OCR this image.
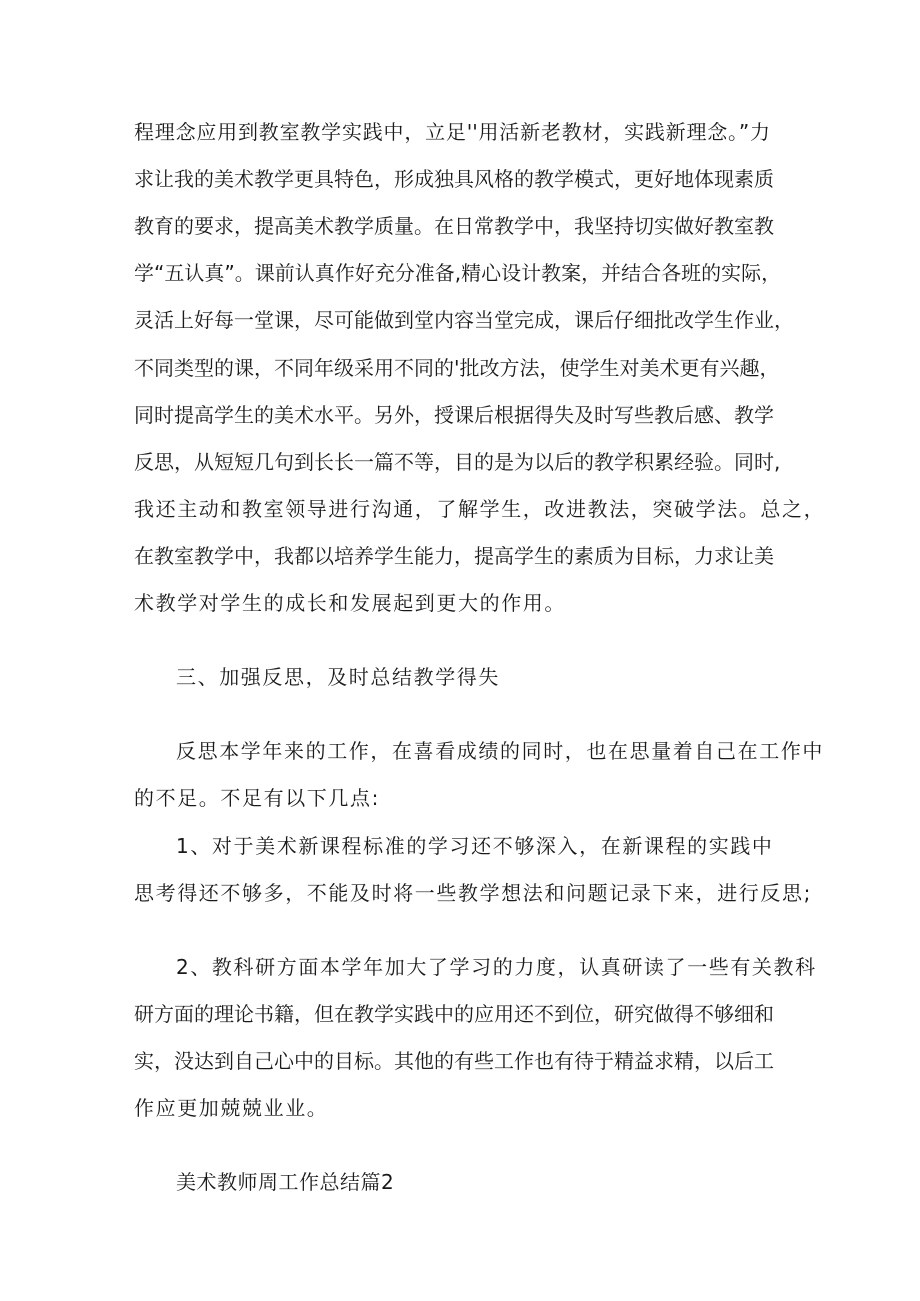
程理念应用到教室教学实践中，立足''用活新老教材，实践新理念。”力
求让我的美术教学更具特色，形成独具风格的教学模式，更好地体现素质
教育的要求，提高美术教学质量。在日常教学中，我坚持切实做好教室教
学“五认真”。课前认真作好充分准备,精心设计教案，并结合各班的实际，
灵活上好每一堂课，尽可能做到堂内容当堂完成，课后仔细批改学生作业，
不同类型的课，不同年级采用不同的'批改方法，使学生对美术更有兴趣，
同时提高学生的美术水平。另外，授课后根据得失及时写些教后感、教学
反思，从短短几句到长长一篇不等，目的是为以后的教学积累经验。同时,
我还主动和教室领导进行沟通，了解学生，改进教法，突破学法。总之，
在教室教学中，我都以培养学生能力，提高学生的素质为目标，力求让美
术教学对学生的成长和发展起到更大的作用。
三、加强反思，及时总结教学得失
反思本学年来的工作，在喜看成绩的同时，也在思量着自己在工作中
的不足。不足有以下几点:
1、对于美术新课程标准的学习还不够深入，在新课程的实践中
思考得还不够多，不能及时将一些教学想法和问题记录下来，进行反思;
2、教科研方面本学年加大了学习的力度，认真研读了一些有关教科
研方面的理论书籍，但在教学实践中的应用还不到位，研究做得不够细和
实，没达到自己心中的目标。其他的有些工作也有待于精益求精，以后工
作应更加兢兢业业。
美术教师周工作总结篇2
